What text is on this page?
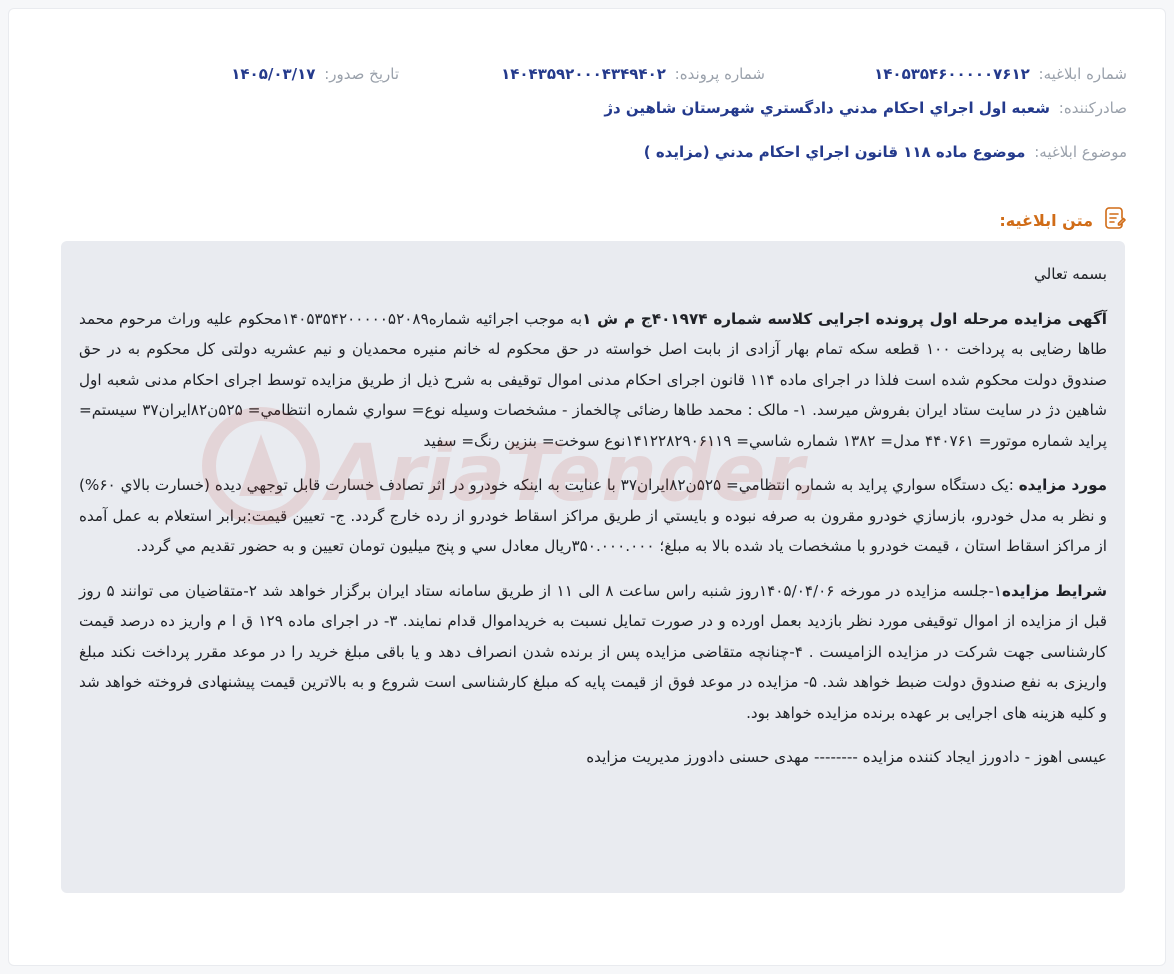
شماره ابلاغيه: ۱۴۰۵۳۵۴۶۰۰۰۰۰۷۶۱۲
شماره پرونده: ۱۴۰۴۳۵۹۲۰۰۰۴۳۴۹۴۰۲
تاريخ صدور: ۱۴۰۵/۰۳/۱۷
صادرکننده: شعبه اول اجراي احکام مدني دادگستري شهرستان شاهين دژ
موضوع ابلاغيه: موضوع ماده ۱۱۸ قانون اجراي احکام مدني (مزايده )
متن ابلاغيه:

بسمه تعالي

آگهی مزایده مرحله اول پرونده اجرایی کلاسه شماره ۴۰۱۹۷۴ج م ش ۱به موجب اجرائیه شماره۱۴۰۵۳۵۴۲۰۰۰۰۰۵۲۰۸۹محکوم علیه وراث مرحوم محمد طاها رضایی به پرداخت ۱۰۰ قطعه سکه تمام بهار آزادی از بابت اصل خواسته در حق محکوم له خانم منیره محمدیان و نیم عشریه دولتی کل محکوم به در حق صندوق دولت محکوم شده است فلذا در اجرای ماده ۱۱۴ قانون اجرای احکام مدنی اموال توقیفی به شرح ذیل از طریق مزایده توسط اجرای احکام مدنی شعبه اول شاهین دژ در سایت ستاد ایران بفروش میرسد. ۱- مالک : محمد طاها رضائی چالخماز - مشخصات وسیله نوع= سواري شماره انتظامي= ۵۲۵ن۸۲ایران۳۷ سیستم= پراید شماره موتور= ۴۴۰۷۶۱ مدل= ۱۳۸۲ شماره شاسي= ۱۴۱۲۲۸۲۹۰۶۱۱۹نوع سوخت= بنزین رنگ= سفید

مورد مزایده :یک دستگاه سواري پراید به شماره انتظامي= ۵۲۵ن۸۲ایران۳۷ با عنایت به اینکه خودرو در اثر تصادف خسارت قابل توجهي ديده (خسارت بالاي ۶۰%) و نظر به مدل خودرو، بازسازي خودرو مقرون به صرفه نبوده و بايستي از طريق مراكز اسقاط خودرو از رده خارج گردد. ج- تعيين قيمت:برابر استعلام به عمل آمده از مراکز اسقاط استان ، قیمت خودرو با مشخصات یاد شده بالا به مبلغ؛ ۳۵۰.۰۰۰.۰۰۰ریال معادل سي و پنج ميليون تومان تعيين و به حضور تقديم مي گردد.

شرایط مزایده۱-جلسه مزایده در مورخه ۱۴۰۵/۰۴/۰۶روز شنبه راس ساعت ۸ الی ۱۱ از طریق سامانه ستاد ایران برگزار خواهد شد ۲-متقاضیان می توانند ۵ روز قبل از مزایده از اموال توقیفی مورد نظر بازدید بعمل اورده و در صورت تمایل نسبت به خریداموال قدام نمایند. ۳- در اجرای ماده ۱۲۹ ق ا م واریز ده درصد قیمت کارشناسی جهت شرکت در مزایده الزامیست . ۴-چنانچه متقاضی مزایده پس از برنده شدن انصراف دهد و یا باقی مبلغ خرید را در موعد مقرر پرداخت نکند مبلغ واریزی به نفع صندوق دولت ضبط خواهد شد. ۵- مزایده در موعد فوق از قیمت پایه که مبلغ کارشناسی است شروع و به بالاترین قیمت پیشنهادی فروخته خواهد شد و کلیه هزینه های اجرایی بر عهده برنده مزایده خواهد بود.

عیسی اهوز - دادورز ایجاد کننده مزایده -------- مهدی حسنی دادورز مدیریت مزایده
